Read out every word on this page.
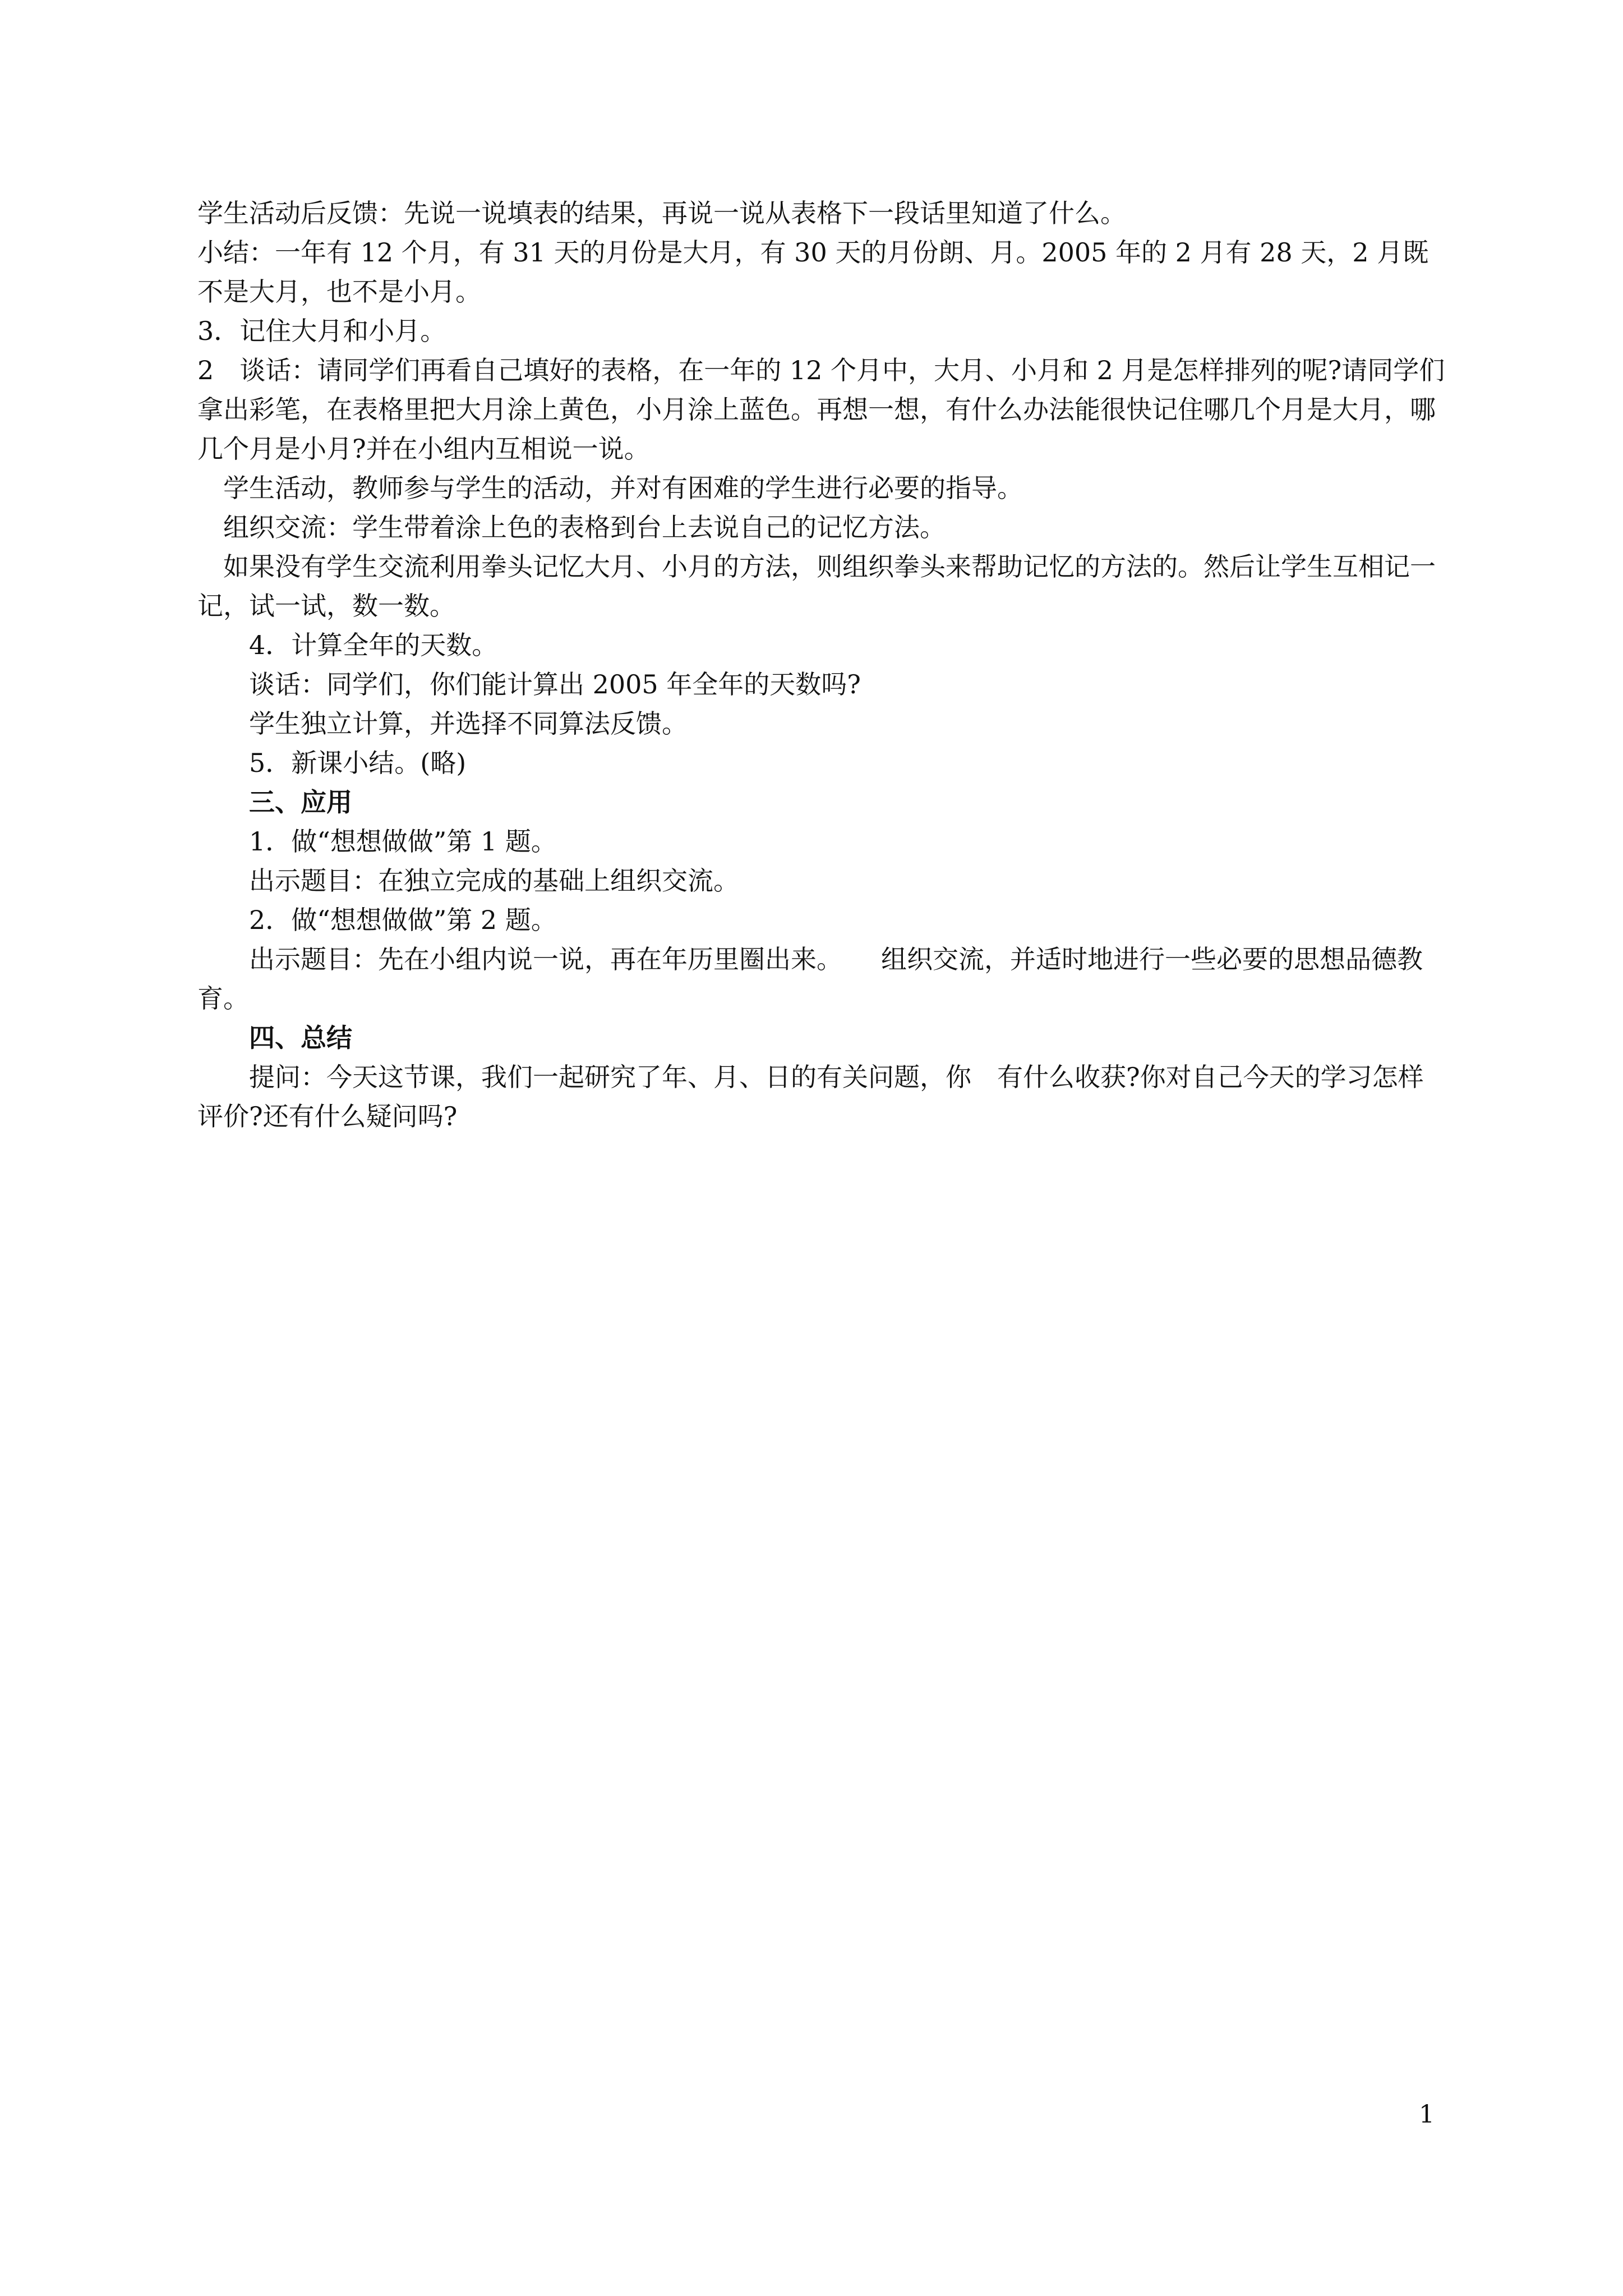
学生活动后反馈：先说一说填表的结果，再说一说从表格下一段话里知道了什么。

小结：一年有 12 个月，有 31 天的月份是大月，有 30 天的月份朗、月。2005 年的 2 月有 28 天，2 月既不是大月，也不是小月。

3．记住大月和小月。

2　谈话：请同学们再看自己填好的表格，在一年的 12 个月中，大月、小月和 2 月是怎样排列的呢?请同学们拿出彩笔，在表格里把大月涂上黄色，小月涂上蓝色。再想一想，有什么办法能很快记住哪几个月是大月，哪几个月是小月?并在小组内互相说一说。

学生活动，教师参与学生的活动，并对有困难的学生进行必要的指导。

组织交流：学生带着涂上色的表格到台上去说自己的记忆方法。

如果没有学生交流利用拳头记忆大月、小月的方法，则组织拳头来帮助记忆的方法的。然后让学生互相记一记，试一试，数一数。

4．计算全年的天数。

谈话：同学们，你们能计算出 2005 年全年的天数吗?

学生独立计算，并选择不同算法反馈。

5．新课小结。(略)

三、应用

1．做“想想做做”第 1 题。

出示题目：在独立完成的基础上组织交流。

2．做“想想做做”第 2 题。

出示题目：先在小组内说一说，再在年历里圈出来。　　组织交流，并适时地进行一些必要的思想品德教育。

四、总结

提问：今天这节课，我们一起研究了年、月、日的有关问题，你　有什么收获?你对自己今天的学习怎样评价?还有什么疑问吗?

1
